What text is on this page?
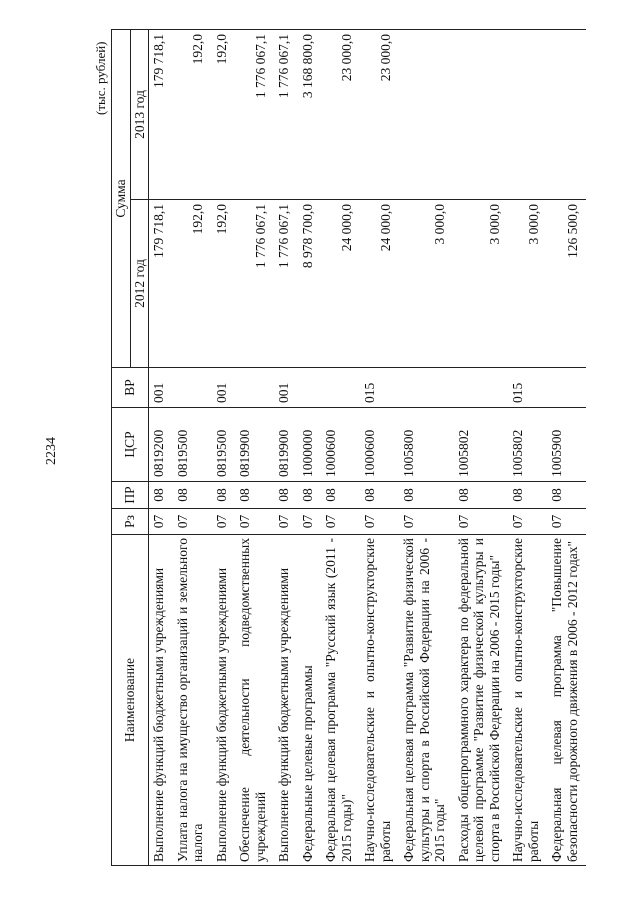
2234
(тыс. рублей)
Наименование	Рз	ПР	ЦСР	ВР	Сумма	
					2012 год	2013 год
Выполнение функций бюджетными учреждениями	07	08	0819200	001	179 718,1	179 718,1
Уплата налога на имущество организаций и земельного налога	07	08	0819500		192,0	192,0
Выполнение функций бюджетными учреждениями	07	08	0819500	001	192,0	192,0
Обеспечение деятельности подведомственных учреждений	07	08	0819900		1 776 067,1	1 776 067,1
Выполнение функций бюджетными учреждениями	07	08	0819900	001	1 776 067,1	1 776 067,1
Федеральные целевые программы	07	08	1000000		8 978 700,0	3 168 800,0
Федеральная целевая программа "Русский язык (2011 - 2015 годы)"	07	08	1000600		24 000,0	23 000,0
Научно-исследовательские и опытно-конструкторские работы	07	08	1000600	015	24 000,0	23 000,0
Федеральная целевая программа "Развитие физической культуры и спорта в Российской Федерации на 2006 - 2015 годы"	07	08	1005800		3 000,0	
Расходы общепрограммного характера по федеральной целевой программе "Развитие физической культуры и спорта в Российской Федерации на 2006 - 2015 годы"	07	08	1005802		3 000,0	
Научно-исследовательские и опытно-конструкторские работы	07	08	1005802	015	3 000,0	
Федеральная целевая программа "Повышение безопасности дорожного движения в 2006 - 2012 годах"	07	08	1005900		126 500,0	
